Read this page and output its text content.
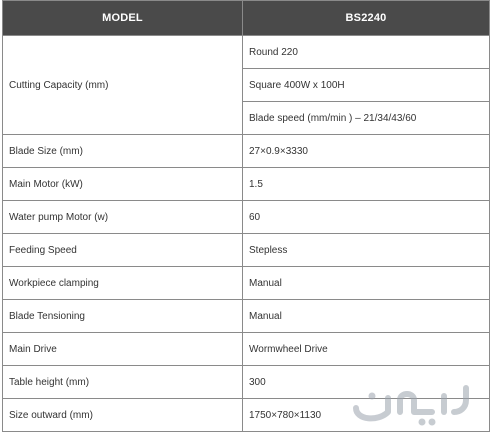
MODEL	BS2240
Cutting Capacity (mm)	Round 220
	Square 400W x 100H
	Blade speed (mm/min ) – 21/34/43/60
Blade Size (mm)	27×0.9×3330
Main Motor (kW)	1.5
Water pump Motor (w)	60
Feeding Speed	Stepless
Workpiece clamping	Manual
Blade Tensioning	Manual
Main Drive	Wormwheel Drive
Table height (mm)	300
Size outward (mm)	1750×780×1130
